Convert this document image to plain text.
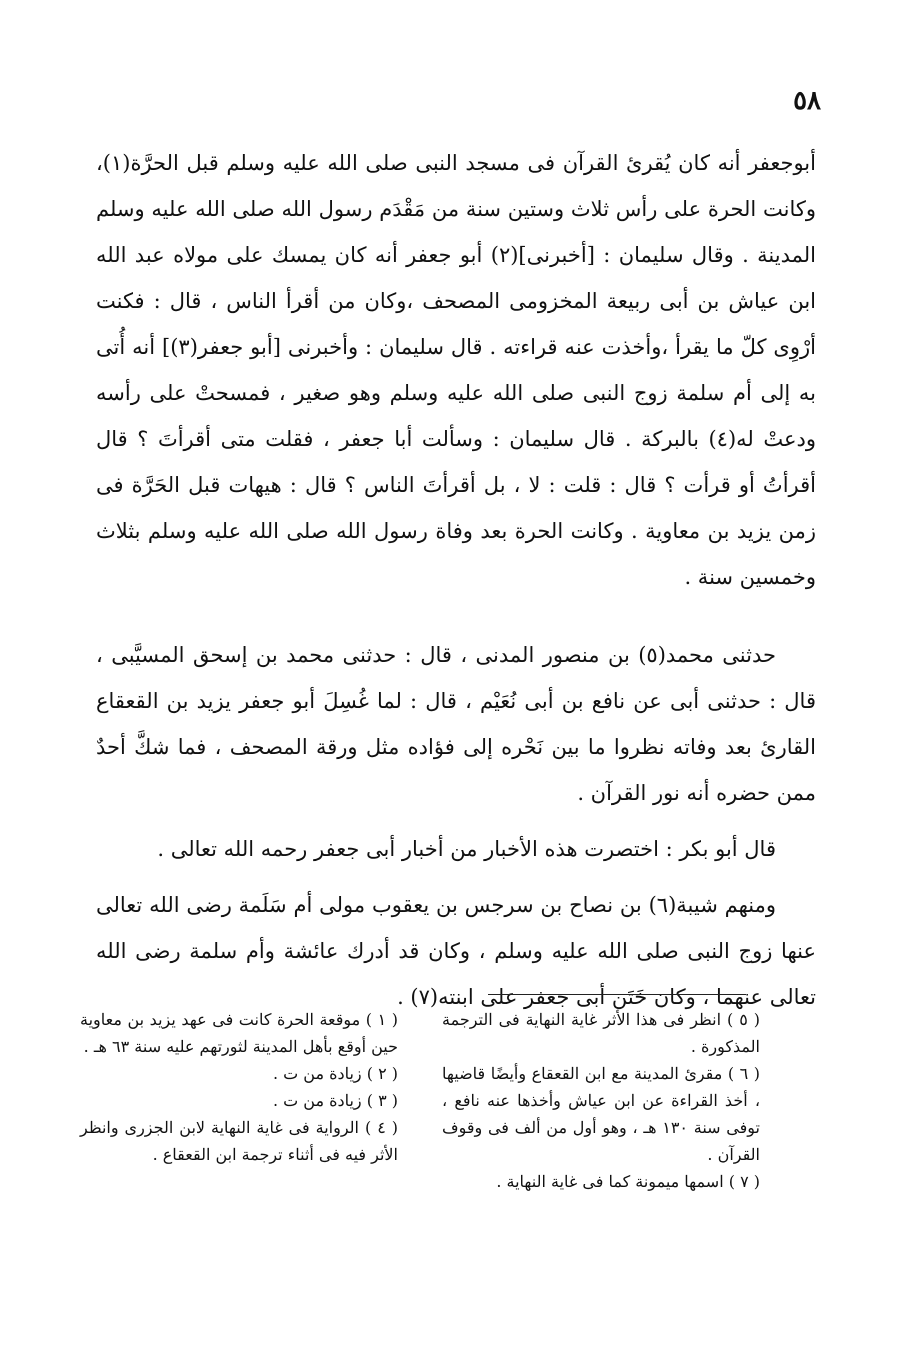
٥٨

أبوجعفر أنه كان يُقرئ القرآن فى مسجد النبى صلى الله عليه وسلم قبل الحرَّة(١)، وكانت الحرة على رأس ثلاث وستين سنة من مَقْدَم رسول الله صلى الله عليه وسلم المدينة . وقال سليمان : [أخبرنى](٢) أبو جعفر أنه كان يمسك على مولاه عبد الله ابن عياش بن أبى ربيعة المخزومى المصحف ،وكان من أقرأ الناس ، قال : فكنت أرْوِى كلّ ما يقرأ ،وأخذت عنه قراءته . قال سليمان : وأخبرنى [أبو جعفر(٣)] أنه أُتى به إلى أم سلمة زوج النبى صلى الله عليه وسلم وهو صغير ، فمسحتْ على رأسه ودعتْ له(٤) بالبركة . قال سليمان : وسألت أبا جعفر ، فقلت متى أقرأتَ ؟ قال أقرأتُ أو قرأت ؟ قال : قلت : لا ، بل أقرأتَ الناس ؟ قال : هيهات قبل الحَرَّة فى زمن يزيد بن معاوية . وكانت الحرة بعد وفاة رسول الله صلى الله عليه وسلم بثلاث وخمسين سنة .

حدثنى محمد(٥) بن منصور المدنى ، قال : حدثنى محمد بن إسحق المسيَّبى ، قال : حدثنى أبى عن نافع بن أبى نُعَيْم ، قال : لما غُسِلَ أبو جعفر يزيد بن القعقاع القارئ بعد وفاته نظروا ما بين نَحْره إلى فؤاده مثل ورقة المصحف ، فما شكَّ أحدٌ ممن حضره أنه نور القرآن .

قال أبو بكر : اختصرت هذه الأخبار من أخبار أبى جعفر رحمه الله تعالى .

ومنهم شيبة(٦) بن نصاح بن سرجس بن يعقوب مولى أم سَلَمة رضى الله تعالى عنها زوج النبى صلى الله عليه وسلم ، وكان قد أدرك عائشة وأم سلمة رضى الله تعالى عنهما ، وكان خَتَن أبى جعفر على ابنته(٧) .

( ١ ) موقعة الحرة كانت فى عهد يزيد بن معاوية حين أوقع بأهل المدينة لثورتهم عليه سنة ٦٣ هـ .

( ٢ ) زيادة من ت .

( ٣ ) زيادة من ت .

( ٤ ) الرواية فى غاية النهاية لابن الجزرى وانظر الأثر فيه فى أثناء ترجمة ابن القعقاع .

( ٥ ) انظر فى هذا الأثر غاية النهاية فى الترجمة المذكورة .

( ٦ ) مقرئ المدينة مع ابن القعقاع وأيضًا قاضيها ، أخذ القراءة عن ابن عياش وأخذها عنه نافع ، توفى سنة ١٣٠ هـ ، وهو أول من ألف فى وقوف القرآن .

( ٧ ) اسمها ميمونة كما فى غاية النهاية .
